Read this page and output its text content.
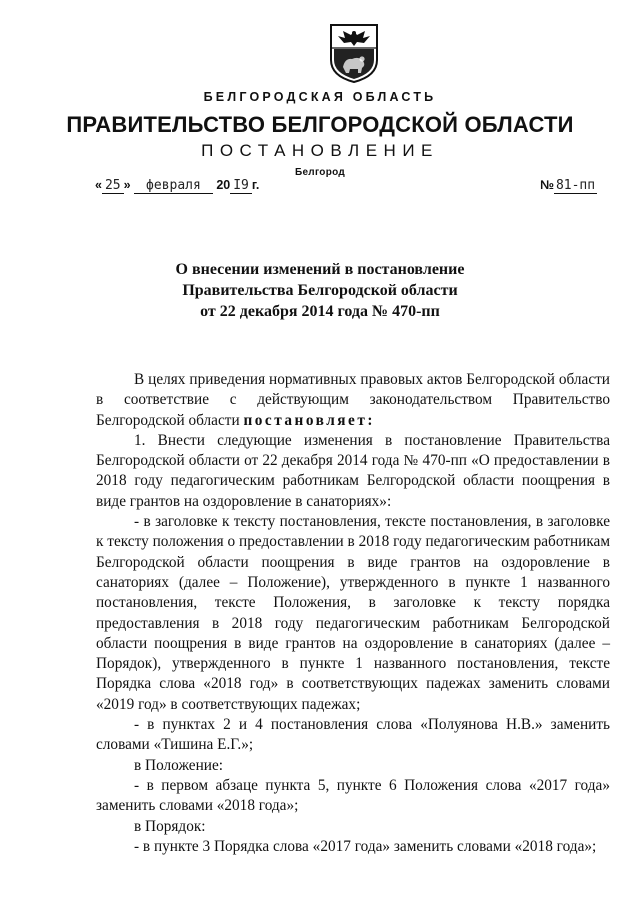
БЕЛГОРОДСКАЯ ОБЛАСТЬ
ПРАВИТЕЛЬСТВО БЕЛГОРОДСКОЙ ОБЛАСТИ
ПОСТАНОВЛЕНИЕ
Белгород
« 25 » февраля 20 I9 г.	№ 81-пп
О внесении изменений в постановление
Правительства Белгородской области
от 22 декабря 2014 года № 470-пп

В целях приведения нормативных правовых актов Белгородской области в соответствие с действующим законодательством Правительство Белгородской области постановляет:

1. Внести следующие изменения в постановление Правительства Белгородской области от 22 декабря 2014 года № 470-пп «О предоставлении в 2018 году педагогическим работникам Белгородской области поощрения в виде грантов на оздоровление в санаториях»:

- в заголовке к тексту постановления, тексте постановления, в заголовке к тексту положения о предоставлении в 2018 году педагогическим работникам Белгородской области поощрения в виде грантов на оздоровление в санаториях (далее – Положение), утвержденного в пункте 1 названного постановления, тексте Положения, в заголовке к тексту порядка предоставления в 2018 году педагогическим работникам Белгородской области поощрения в виде грантов на оздоровление в санаториях (далее – Порядок), утвержденного в пункте 1 названного постановления, тексте Порядка слова «2018 год» в соответствующих падежах заменить словами «2019 год» в соответствующих падежах;

- в пунктах 2 и 4 постановления слова «Полуянова Н.В.» заменить словами «Тишина Е.Г.»;

в Положение:

- в первом абзаце пункта 5, пункте 6 Положения слова «2017 года» заменить словами «2018 года»;

в Порядок:

- в пункте 3 Порядка слова «2017 года» заменить словами «2018 года»;
